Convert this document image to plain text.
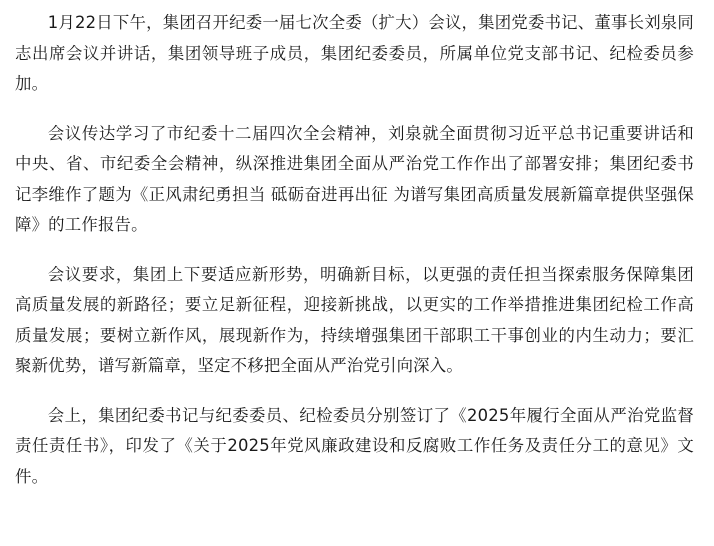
1月22日下午，集团召开纪委一届七次全委（扩大）会议，集团党委书记、董事长刘泉同志出席会议并讲话，集团领导班子成员，集团纪委委员，所属单位党支部书记、纪检委员参加。

会议传达学习了市纪委十二届四次全会精神，刘泉就全面贯彻习近平总书记重要讲话和中央、省、市纪委全会精神，纵深推进集团全面从严治党工作作出了部署安排；集团纪委书记李维作了题为《正风肃纪勇担当 砥砺奋进再出征 为谱写集团高质量发展新篇章提供坚强保障》的工作报告。

会议要求，集团上下要适应新形势，明确新目标，以更强的责任担当探索服务保障集团高质量发展的新路径；要立足新征程，迎接新挑战，以更实的工作举措推进集团纪检工作高质量发展；要树立新作风，展现新作为，持续增强集团干部职工干事创业的内生动力；要汇聚新优势，谱写新篇章，坚定不移把全面从严治党引向深入。

会上，集团纪委书记与纪委委员、纪检委员分别签订了《2025年履行全面从严治党监督责任责任书》，印发了《关于2025年党风廉政建设和反腐败工作任务及责任分工的意见》文件。
